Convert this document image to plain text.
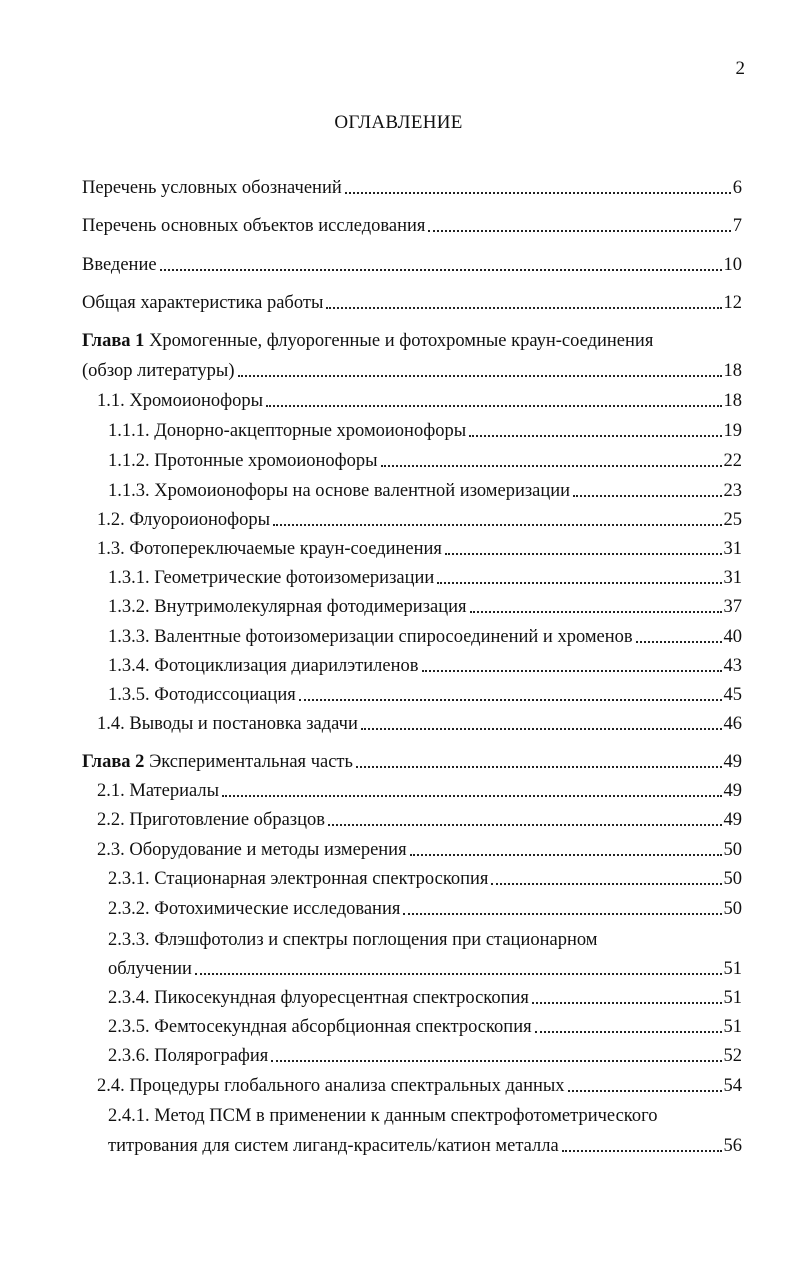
2
ОГЛАВЛЕНИЕ
Перечень условных обозначений	6
Перечень основных объектов исследования	7
Введение	10
Общая характеристика работы	12
Глава 1 Хромогенные, флуорогенные и фотохромные краун-соединения
(обзор литературы)	18
1.1. Хромоионофоры	18
1.1.1. Донорно-акцепторные хромоионофоры	19
1.1.2. Протонные хромоионофоры	22
1.1.3. Хромоионофоры на основе валентной изомеризации	23
1.2. Флуороионофоры	25
1.3. Фотопереключаемые краун-соединения	31
1.3.1. Геометрические фотоизомеризации	31
1.3.2. Внутримолекулярная фотодимеризация	37
1.3.3. Валентные фотоизомеризации спиросоединений и хроменов	40
1.3.4. Фотоциклизация диарилэтиленов	43
1.3.5. Фотодиссоциация	45
1.4. Выводы и постановка задачи	46
Глава 2 Экспериментальная часть	49
2.1. Материалы	49
2.2. Приготовление образцов	49
2.3. Оборудование и методы измерения	50
2.3.1. Стационарная электронная спектроскопия	50
2.3.2. Фотохимические исследования	50
2.3.3. Флэшфотолиз и спектры поглощения при стационарном
облучении	51
2.3.4. Пикосекундная флуоресцентная спектроскопия	51
2.3.5. Фемтосекундная абсорбционная спектроскопия	51
2.3.6. Полярография	52
2.4. Процедуры глобального анализа спектральных данных	54
2.4.1. Метод ПСМ в применении к данным спектрофотометрического
титрования для систем лиганд-краситель/катион металла	56
